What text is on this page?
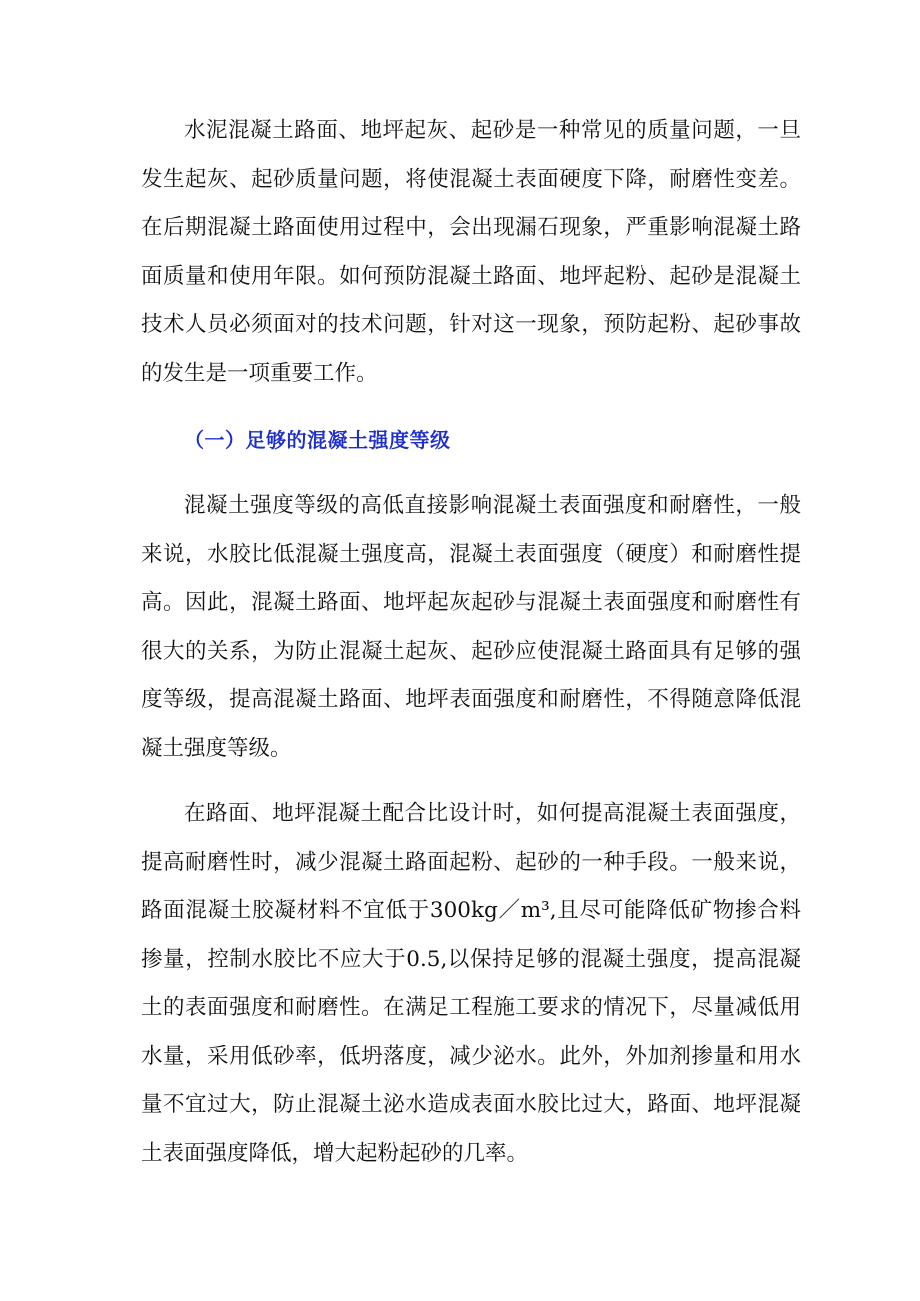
水泥混凝土路面、地坪起灰、起砂是一种常见的质量问题，一旦发生起灰、起砂质量问题，将使混凝土表面硬度下降，耐磨性变差。在后期混凝土路面使用过程中，会出现漏石现象，严重影响混凝土路面质量和使用年限。如何预防混凝土路面、地坪起粉、起砂是混凝土技术人员必须面对的技术问题，针对这一现象，预防起粉、起砂事故的发生是一项重要工作。

（一）足够的混凝土强度等级

混凝土强度等级的高低直接影响混凝土表面强度和耐磨性，一般来说，水胶比低混凝土强度高，混凝土表面强度（硬度）和耐磨性提高。因此，混凝土路面、地坪起灰起砂与混凝土表面强度和耐磨性有很大的关系，为防止混凝土起灰、起砂应使混凝土路面具有足够的强度等级，提高混凝土路面、地坪表面强度和耐磨性，不得随意降低混凝土强度等级。

在路面、地坪混凝土配合比设计时，如何提高混凝土表面强度，提高耐磨性时，减少混凝土路面起粉、起砂的一种手段。一般来说，路面混凝土胶凝材料不宜低于300kg／m³,且尽可能降低矿物掺合料掺量，控制水胶比不应大于0.5,以保持足够的混凝土强度，提高混凝土的表面强度和耐磨性。在满足工程施工要求的情况下，尽量减低用水量，采用低砂率，低坍落度，减少泌水。此外，外加剂掺量和用水量不宜过大，防止混凝土泌水造成表面水胶比过大，路面、地坪混凝土表面强度降低，增大起粉起砂的几率。
